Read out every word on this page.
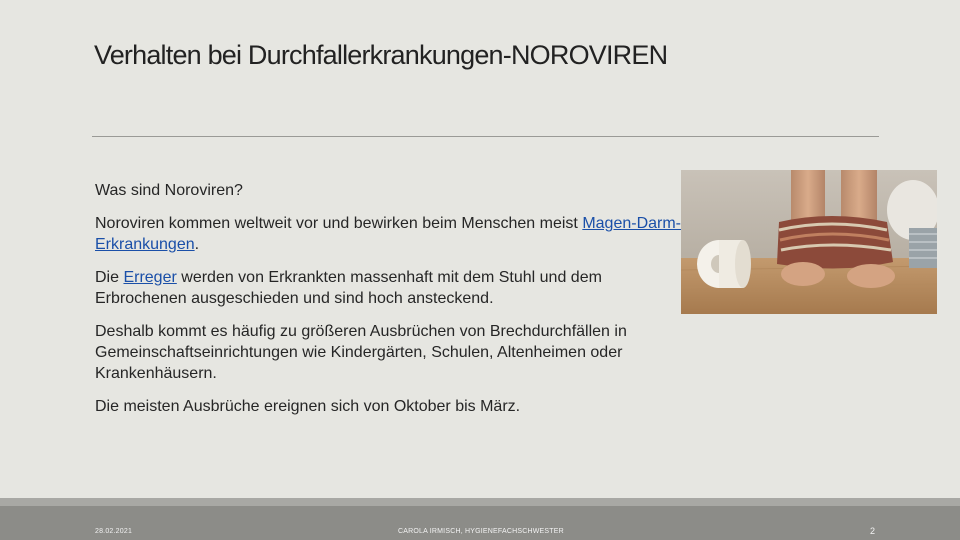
Verhalten bei Durchfallerkrankungen-NOROVIREN

Was sind Noroviren?

Noroviren kommen weltweit vor und bewirken beim Menschen meist Magen-Darm-Erkrankungen.

Die Erreger werden von Erkrankten massenhaft mit dem Stuhl und dem Erbrochenen ausgeschieden und sind hoch ansteckend.

Deshalb kommt es häufig zu größeren Ausbrüchen von Brechdurchfällen in Gemeinschaftseinrichtungen wie Kindergärten, Schulen, Altenheimen oder Krankenhäusern.

Die meisten Ausbrüche ereignen sich von Oktober bis März.

28.02.2021	CAROLA IRMISCH, HYGIENEFACHSCHWESTER	2
